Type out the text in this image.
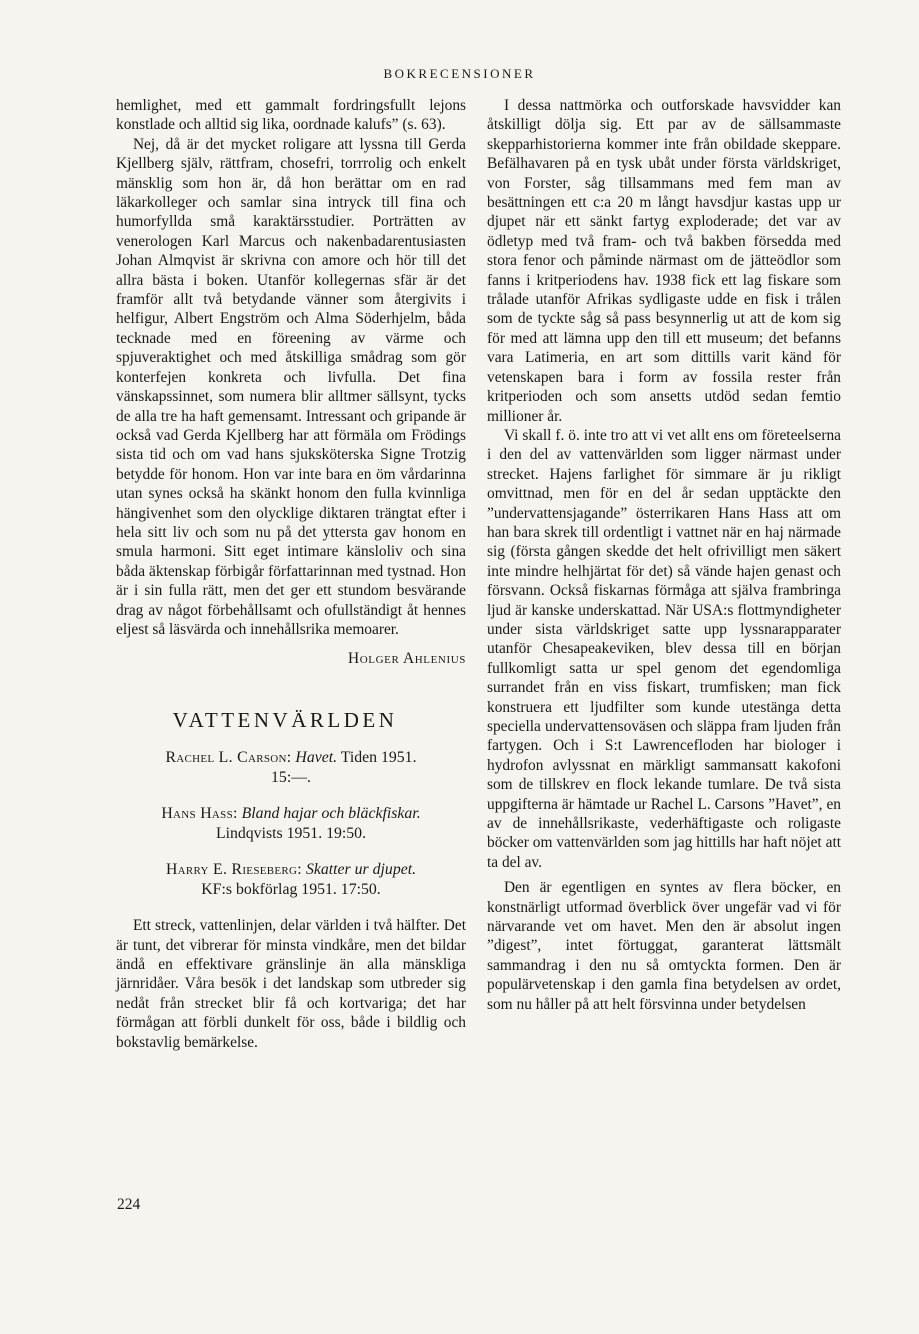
BOKRECENSIONER

hemlighet, med ett gammalt fordringsfullt lejons konstlade och alltid sig lika, oordnade kalufs” (s. 63).

Nej, då är det mycket roligare att lyssna till Gerda Kjellberg själv, rättfram, chosefri, torrrolig och enkelt mänsklig som hon är, då hon berättar om en rad läkarkolleger och samlar sina intryck till fina och humorfyllda små karaktärsstudier. Porträtten av venerologen Karl Marcus och nakenbadarentusiasten Johan Almqvist är skrivna con amore och hör till det allra bästa i boken. Utanför kollegernas sfär är det framför allt två betydande vänner som återgivits i helfigur, Albert Engström och Alma Söderhjelm, båda tecknade med en föreening av värme och spjuveraktighet och med åtskilliga smådrag som gör konterfejen konkreta och livfulla. Det fina vänskapssinnet, som numera blir alltmer sällsynt, tycks de alla tre ha haft gemensamt. Intressant och gripande är också vad Gerda Kjellberg har att förmäla om Frödings sista tid och om vad hans sjuksköterska Signe Trotzig betydde för honom. Hon var inte bara en öm vårdarinna utan synes också ha skänkt honom den fulla kvinnliga hängivenhet som den olycklige diktaren trängtat efter i hela sitt liv och som nu på det yttersta gav honom en smula harmoni. Sitt eget intimare känsloliv och sina båda äktenskap förbigår författarinnan med tystnad. Hon är i sin fulla rätt, men det ger ett stundom besvärande drag av något förbehållsamt och ofullständigt åt hennes eljest så läsvärda och innehållsrika memoarer.

Holger Ahlenius
VATTENVÄRLDEN
Rachel L. Carson: Havet. Tiden 1951.
15:—.
Hans Hass: Bland hajar och bläckfiskar.
Lindqvists 1951. 19:50.
Harry E. Rieseberg: Skatter ur djupet.
KF:s bokförlag 1951. 17:50.

Ett streck, vattenlinjen, delar världen i två hälfter. Det är tunt, det vibrerar för minsta vindkåre, men det bildar ändå en effektivare gränslinje än alla mänskliga järnridåer. Våra besök i det landskap som utbreder sig nedåt från strecket blir få och kortvariga; det har förmågan att förbli dunkelt för oss, både i bildlig och bokstavlig bemärkelse.

I dessa nattmörka och outforskade havsvidder kan åtskilligt dölja sig. Ett par av de sällsammaste skepparhistorierna kommer inte från obildade skeppare. Befälhavaren på en tysk ubåt under första världskriget, von Forster, såg tillsammans med fem man av besättningen ett c:a 20 m långt havsdjur kastas upp ur djupet när ett sänkt fartyg exploderade; det var av ödletyp med två fram- och två bakben försedda med stora fenor och påminde närmast om de jätteödlor som fanns i kritperiodens hav. 1938 fick ett lag fiskare som trålade utanför Afrikas sydligaste udde en fisk i trålen som de tyckte såg så pass besynnerlig ut att de kom sig för med att lämna upp den till ett museum; det befanns vara Latimeria, en art som dittills varit känd för vetenskapen bara i form av fossila rester från kritperioden och som ansetts utdöd sedan femtio millioner år.

Vi skall f. ö. inte tro att vi vet allt ens om företeelserna i den del av vattenvärlden som ligger närmast under strecket. Hajens farlighet för simmare är ju rikligt omvittnad, men för en del år sedan upptäckte den ”undervattensjagande” österrikaren Hans Hass att om han bara skrek till ordentligt i vattnet när en haj närmade sig (första gången skedde det helt ofrivilligt men säkert inte mindre helhjärtat för det) så vände hajen genast och försvann. Också fiskarnas förmåga att själva frambringa ljud är kanske underskattad. När USA:s flottmyndigheter under sista världskriget satte upp lyssnarapparater utanför Chesapeakeviken, blev dessa till en början fullkomligt satta ur spel genom det egendomliga surrandet från en viss fiskart, trumfisken; man fick konstruera ett ljudfilter som kunde utestänga detta speciella undervattensoväsen och släppa fram ljuden från fartygen. Och i S:t Lawrencefloden har biologer i hydrofon avlyssnat en märkligt sammansatt kakofoni som de tillskrev en flock lekande tumlare. De två sista uppgifterna är hämtade ur Rachel L. Carsons ”Havet”, en av de innehållsrikaste, vederhäftigaste och roligaste böcker om vattenvärlden som jag hittills har haft nöjet att ta del av.

Den är egentligen en syntes av flera böcker, en konstnärligt utformad överblick över ungefär vad vi för närvarande vet om havet. Men den är absolut ingen ”digest”, intet förtuggat, garanterat lättsmält sammandrag i den nu så omtyckta formen. Den är populärvetenskap i den gamla fina betydelsen av ordet, som nu håller på att helt försvinna under betydelsen

224
